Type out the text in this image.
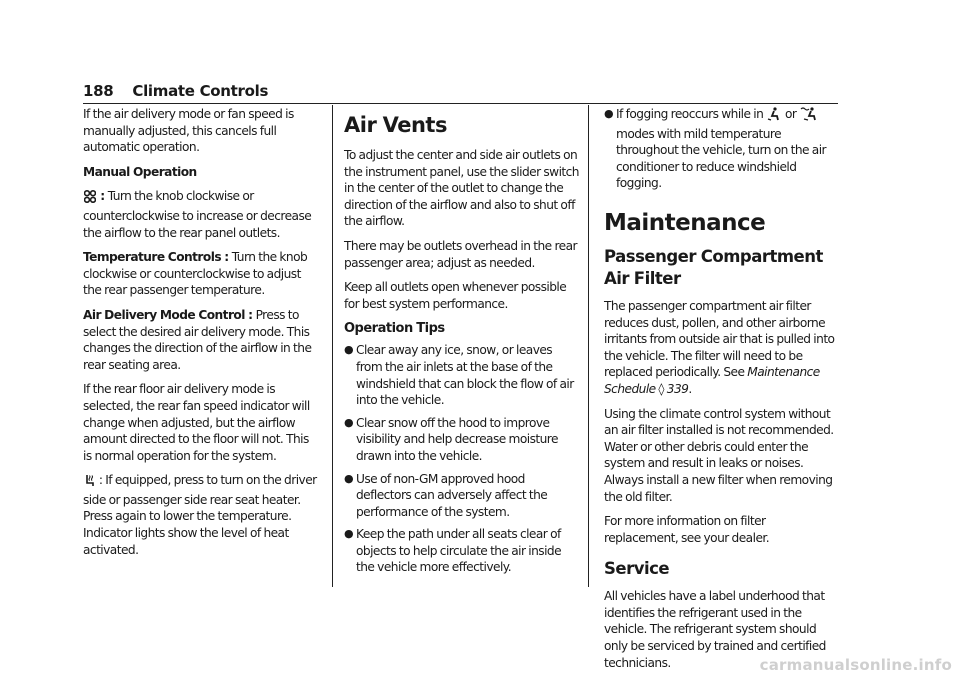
188 Climate Controls

If the air delivery mode or fan speed is manually adjusted, this cancels full automatic operation.

Manual Operation

: Turn the knob clockwise or counterclockwise to increase or decrease the airflow to the rear panel outlets.

Temperature Controls : Turn the knob clockwise or counterclockwise to adjust the rear passenger temperature.

Air Delivery Mode Control : Press to select the desired air delivery mode. This changes the direction of the airflow in the rear seating area.

If the rear floor air delivery mode is selected, the rear fan speed indicator will change when adjusted, but the airflow amount directed to the floor will not. This is normal operation for the system.

: If equipped, press to turn on the driver side or passenger side rear seat heater. Press again to lower the temperature. Indicator lights show the level of heat activated.

Air Vents

To adjust the center and side air outlets on the instrument panel, use the slider switch in the center of the outlet to change the direction of the airflow and also to shut off the airflow.

There may be outlets overhead in the rear passenger area; adjust as needed.

Keep all outlets open whenever possible for best system performance.

Operation Tips
● Clear away any ice, snow, or leaves from the air inlets at the base of the windshield that can block the flow of air into the vehicle.
● Clear snow off the hood to improve visibility and help decrease moisture drawn into the vehicle.
● Use of non-GM approved hood deflectors can adversely affect the performance of the system.
● Keep the path under all seats clear of objects to help circulate the air inside the vehicle more effectively.
● If fogging reoccurs while in  or  modes with mild temperature throughout the vehicle, turn on the air conditioner to reduce windshield fogging.
Maintenance
Passenger Compartment Air Filter

The passenger compartment air filter reduces dust, pollen, and other airborne irritants from outside air that is pulled into the vehicle. The filter will need to be replaced periodically. See Maintenance Schedule ◊ 339.

Using the climate control system without an air filter installed is not recommended. Water or other debris could enter the system and result in leaks or noises. Always install a new filter when removing the old filter.

For more information on filter replacement, see your dealer.

Service

All vehicles have a label underhood that identifies the refrigerant used in the vehicle. The refrigerant system should only be serviced by trained and certified technicians.	carmanualsonline.info
